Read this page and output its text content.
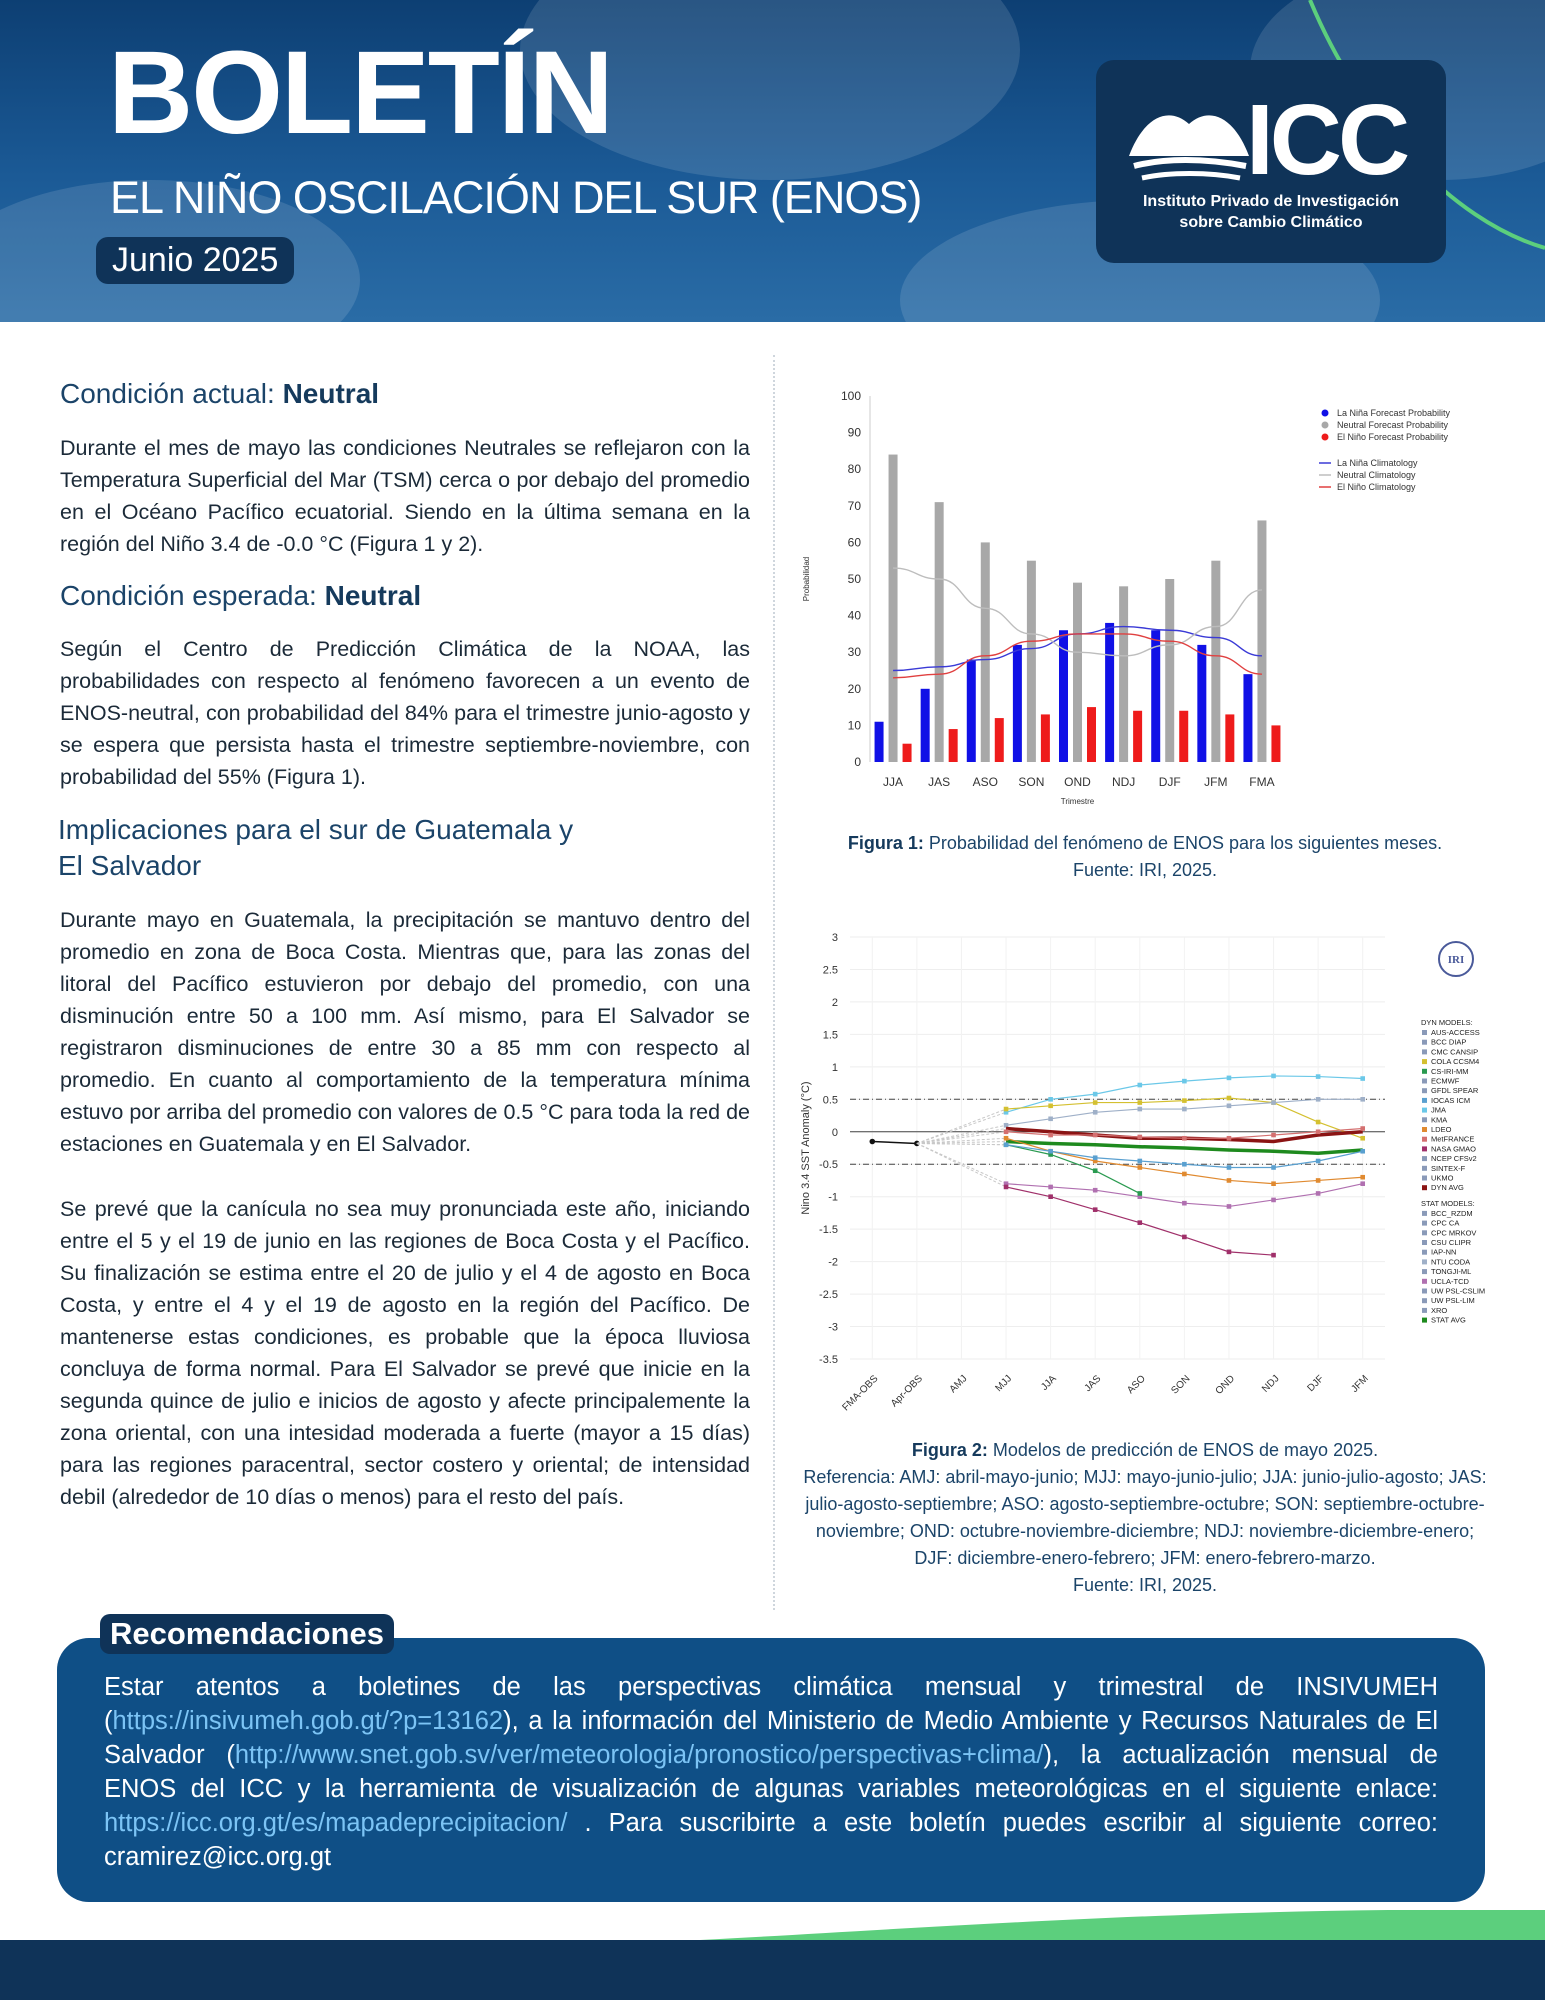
BOLETÍN
EL NIÑO OSCILACIÓN DEL SUR (ENOS)
Junio 2025
ICC
Instituto Privado de Investigación
sobre Cambio Climático
Condición actual: Neutral

Durante el mes de mayo las condiciones Neutrales se reflejaron con la Temperatura Superficial del Mar (TSM) cerca o por debajo del promedio en el Océano Pacífico ecuatorial. Siendo en la última semana en la región del Niño 3.4 de -0.0 °C (Figura 1 y 2).

Condición esperada: Neutral

Según el Centro de Predicción Climática de la NOAA, las probabilidades con respecto al fenómeno favorecen a un evento de ENOS-neutral, con probabilidad del 84% para el trimestre junio-agosto y se espera que persista hasta el trimestre septiembre-noviembre, con probabilidad del 55% (Figura 1).

Implicaciones para el sur de Guatemala y
El Salvador

Durante mayo en Guatemala, la precipitación se mantuvo dentro del promedio en zona de Boca Costa. Mientras que, para las zonas del litoral del Pacífico estuvieron por debajo del promedio, con una disminución entre 50 a 100 mm. Así mismo, para El Salvador se registraron disminuciones de entre 30 a 85 mm con respecto al promedio. En cuanto al comportamiento de la temperatura mínima estuvo por arriba del promedio con valores de 0.5 °C para toda la red de estaciones en Guatemala y en El Salvador.

Se prevé que la canícula no sea muy pronunciada este año, iniciando entre el 5 y el 19 de junio en las regiones de Boca Costa y el Pacífico. Su finalización se estima entre el 20 de julio y el 4 de agosto en Boca Costa, y entre el 4 y el 19 de agosto en la región del Pacífico. De mantenerse estas condiciones, es probable que la época lluviosa concluya de forma normal. Para El Salvador se prevé que inicie en la segunda quince de julio e inicios de agosto y afecte principalemente la zona oriental, con una intesidad moderada a fuerte (mayor a 15 días) para las regiones paracentral, sector costero y oriental; de intensidad debil (alrededor de 10 días o menos) para el resto del país.

0
10
20
30
40
50
60
70
80
90
100
Probabilidad
Trimestre
JJA JAS ASO SON OND NDJ DJF JFM FMA
La Niña Forecast Probability
Neutral Forecast Probability
El Niño Forecast Probability
La Niña Climatology
Neutral Climatology
El Niño Climatology
Figura 1: Probabilidad del fenómeno de ENOS para los siguientes meses.
Fuente: IRI, 2025.
-3.5
-3
-2.5
-2
-1.5
-1
-0.5
0
0.5
1
1.5
2
2.5
3
FMA-OBS Apr-OBS AMJ MJJ	JJA JAS ASO SON OND NDJ DJF JFM
Nino 3.4 SST Anomaly (°C)
IRI
DYN MODELS:
AUS-ACCESS
BCC DIAP
CMC CANSIP
COLA CCSM4
CS-IRI-MM
ECMWF
GFDL SPEAR
IOCAS ICM
JMA
KMA
LDEO
MetFRANCE
NASA GMAO
NCEP CFSv2
SINTEX-F
UKMO
DYN AVG
STAT MODELS:
BCC_RZDM
CPC CA
CPC MRKOV
CSU CLIPR
IAP-NN
NTU CODA
TONGJI-ML
UCLA-TCD
UW PSL-CSLIM
UW PSL-LIM
XRO
STAT AVG
Figura 2: Modelos de predicción de ENOS de mayo 2025.
Referencia: AMJ: abril-mayo-junio; MJJ: mayo-junio-julio; JJA: junio-julio-agosto; JAS: julio-agosto-septiembre; ASO: agosto-septiembre-octubre; SON: septiembre-octubre-noviembre; OND: octubre-noviembre-diciembre; NDJ: noviembre-diciembre-enero; DJF: diciembre-enero-febrero; JFM: enero-febrero-marzo.
Fuente: IRI, 2025.
Recomendaciones

Estar atentos a boletines de las perspectivas climática mensual y trimestral de INSIVUMEH (https://insivumeh.gob.gt/?p=13162), a la información del Ministerio de Medio Ambiente y Recursos Naturales de El Salvador (http://www.snet.gob.sv/ver/meteorologia/pronostico/perspectivas+clima/), la actualización mensual de ENOS del ICC y la herramienta de visualización de algunas variables meteorológicas en el siguiente enlace: https://icc.org.gt/es/mapadeprecipitacion/ . Para suscribirte a este boletín puedes escribir al siguiente correo: cramirez@icc.org.gt
